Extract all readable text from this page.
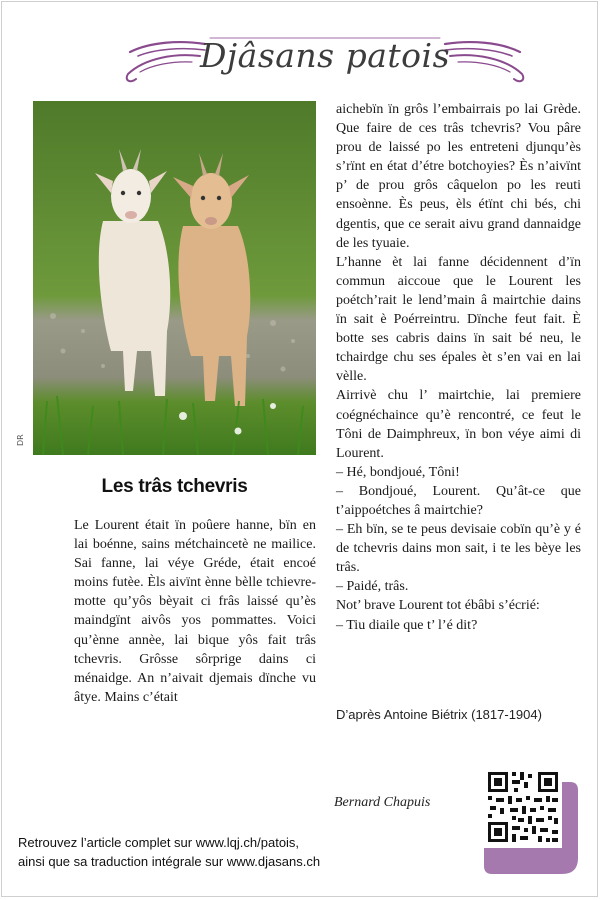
Djâsans patois
DR
Les trâs tchevris

Le Lourent était ïn poûere hanne, bïn en lai boénne, sains métchaincetè ne mailice. Sai fanne, lai véye Gréde, était encoé moins futèe. Èls aivïnt ènne bèlle tchievre-motte qu’yôs bèyait ci frâs laissé qu’ès maindgïnt aivôs yos pommattes. Voici qu’ènne annèe, lai bique yôs fait trâs tchevris. Grôsse sôrprige dains ci ménaidge. An n’aivait djemais dïnche vu âtye. Mains c’était

aichebïn ïn grôs l’embairrais po lai Grède. Que faire de ces trâs tchevris? Vou pâre prou de laissé po les entreteni djunqu’ès s’rïnt en état d’étre botchoyies? Ès n’aivïnt p’ de prou grôs câquelon po les reuti ensoènne. Ès peus, èls étïnt chi bés, chi dgentis, que ce serait aivu grand dannaidge de les tyuaie.

L’hanne èt lai fanne décidennent d’ïn commun aiccoue que le Lourent les poétch’rait le lend’main â mairtchie dains ïn sait è Poérreintru. Dïnche feut fait. È botte ses cabris dains ïn sait bé neu, le tchairdge chu ses épales èt s’en vai en lai vèlle.

Airrivè chu l’ mairtchie, lai premiere coégnéchaince qu’è rencontré, ce feut le Tôni de Daimphreux, ïn bon véye aimi di Lourent.

– Hé, bondjoué, Tôni!

– Bondjoué, Lourent. Qu’ât-ce que t’aippoétches â mairtchie?

– Eh bïn, se te peus devisaie cobïn qu’è y é de tchevris dains mon sait, i te les bèye les trâs.

– Paidé, trâs.

Not’ brave Lourent tot ébâbi s’écrié:

– Tiu diaile que t’ l’é dit?

D’après Antoine Biétrix (1817-1904)
Bernard Chapuis
Retrouvez l’article complet sur www.lqj.ch/patois,
ainsi que sa traduction intégrale sur www.djasans.ch
